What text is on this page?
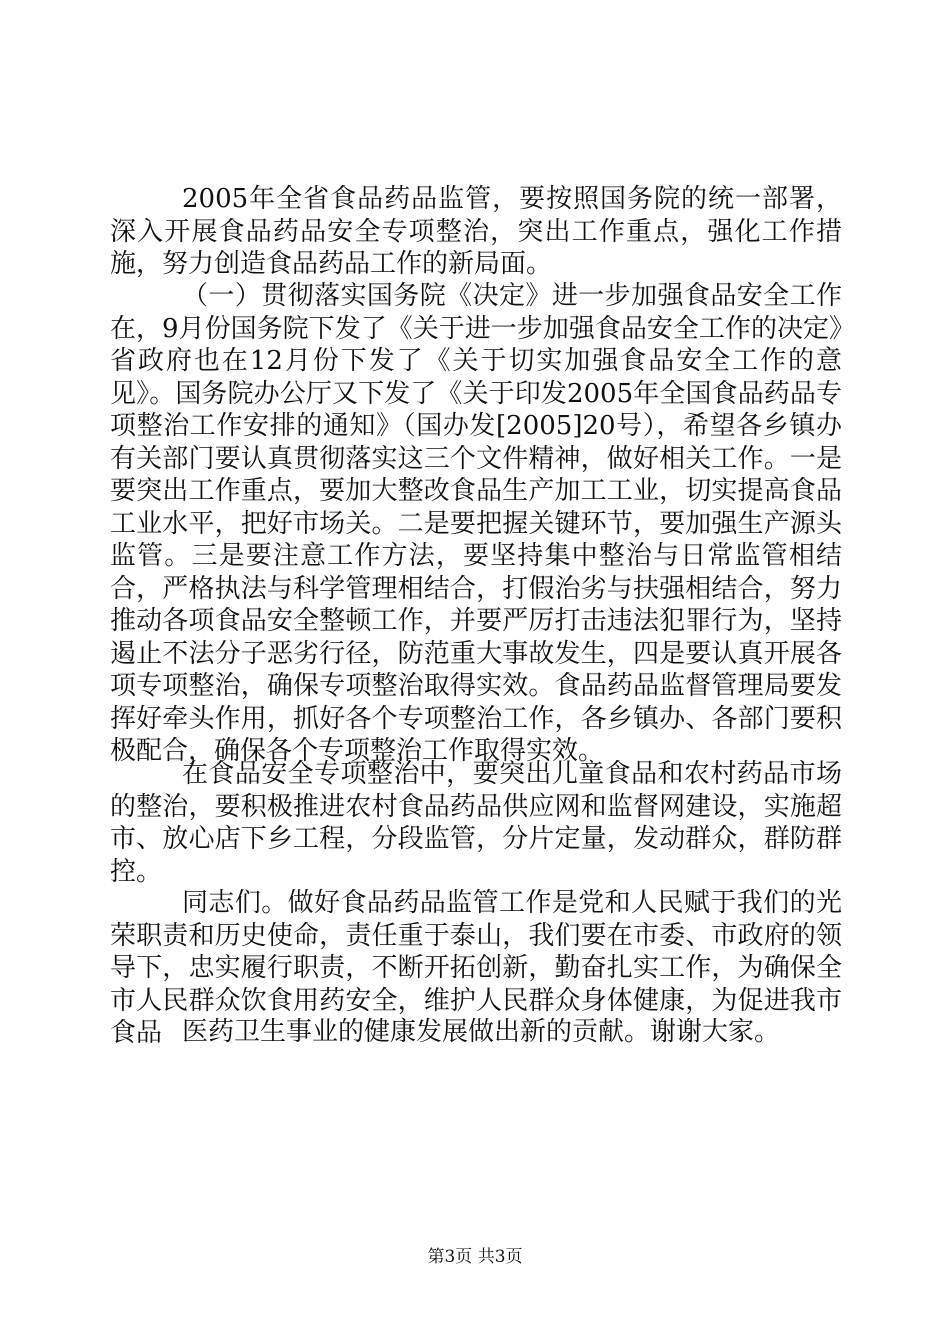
2005年全省食品药品监管，要按照国务院的统一部署，深入开展食品药品安全专项整治，突出工作重点，强化工作措施，努力创造食品药品工作的新局面。

（一）贯彻落实国务院《决定》进一步加强食品安全工作在，9月份国务院下发了《关于进一步加强食品安全工作的决定》省政府也在12月份下发了《关于切实加强食品安全工作的意见》。国务院办公厅又下发了《关于印发2005年全国食品药品专项整治工作安排的通知》（国办发[2005]20号），希望各乡镇办有关部门要认真贯彻落实这三个文件精神，做好相关工作。一是要突出工作重点，要加大整改食品生产加工工业，切实提高食品工业水平，把好市场关。二是要把握关键环节，要加强生产源头监管。三是要注意工作方法，要坚持集中整治与日常监管相结合，严格执法与科学管理相结合，打假治劣与扶强相结合，努力推动各项食品安全整顿工作，并要严厉打击违法犯罪行为，坚持遏止不法分子恶劣行径，防范重大事故发生，四是要认真开展各项专项整治，确保专项整治取得实效。食品药品监督管理局要发挥好牵头作用，抓好各个专项整治工作，各乡镇办、各部门要积极配合，确保各个专项整治工作取得实效。

在食品安全专项整治中，要突出儿童食品和农村药品市场的整治，要积极推进农村食品药品供应网和监督网建设，实施超市、放心店下乡工程，分段监管，分片定量，发动群众，群防群控。

同志们。做好食品药品监管工作是党和人民赋于我们的光荣职责和历史使命，责任重于泰山，我们要在市委、市政府的领导下，忠实履行职责，不断开拓创新，勤奋扎实工作，为确保全市人民群众饮食用药安全，维护人民群众身体健康，为促进我市食品 医药卫生事业的健康发展做出新的贡献。谢谢大家。

第3页 共3页
